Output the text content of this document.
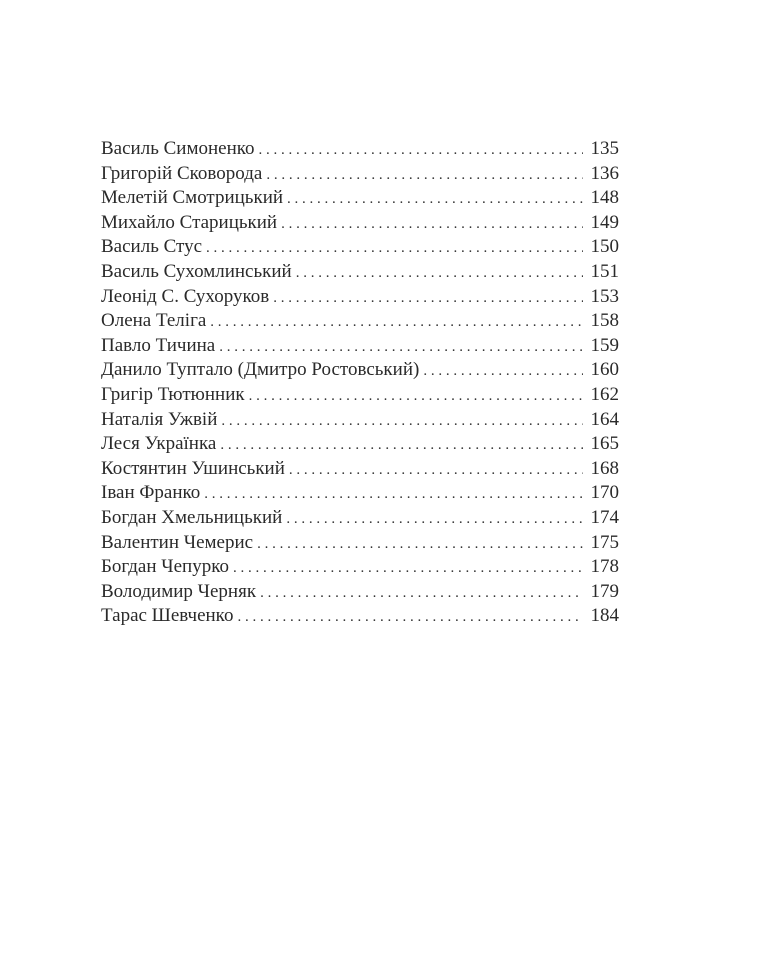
Василь Симоненко . . .	135
Григорій Сковорода . . .	136
Мелетій Смотрицький . . .	148
Михайло Старицький . . .	149
Василь Стус . . .	150
Василь Сухомлинський . . .	151
Леонід С. Сухоруков . . .	153
Олена Теліга . . .	158
Павло Тичина . . .	159
Данило Туптало (Дмитро Ростовський) . . .	160
Григір Тютюнник . . .	162
Наталія Ужвій . . .	164
Леся Українка . . .	165
Костянтин Ушинський . . .	168
Іван Франко . . .	170
Богдан Хмельницький . . .	174
Валентин Чемерис . . .	175
Богдан Чепурко . . .	178
Володимир Черняк . . .	179
Тарас Шевченко . . .	184
